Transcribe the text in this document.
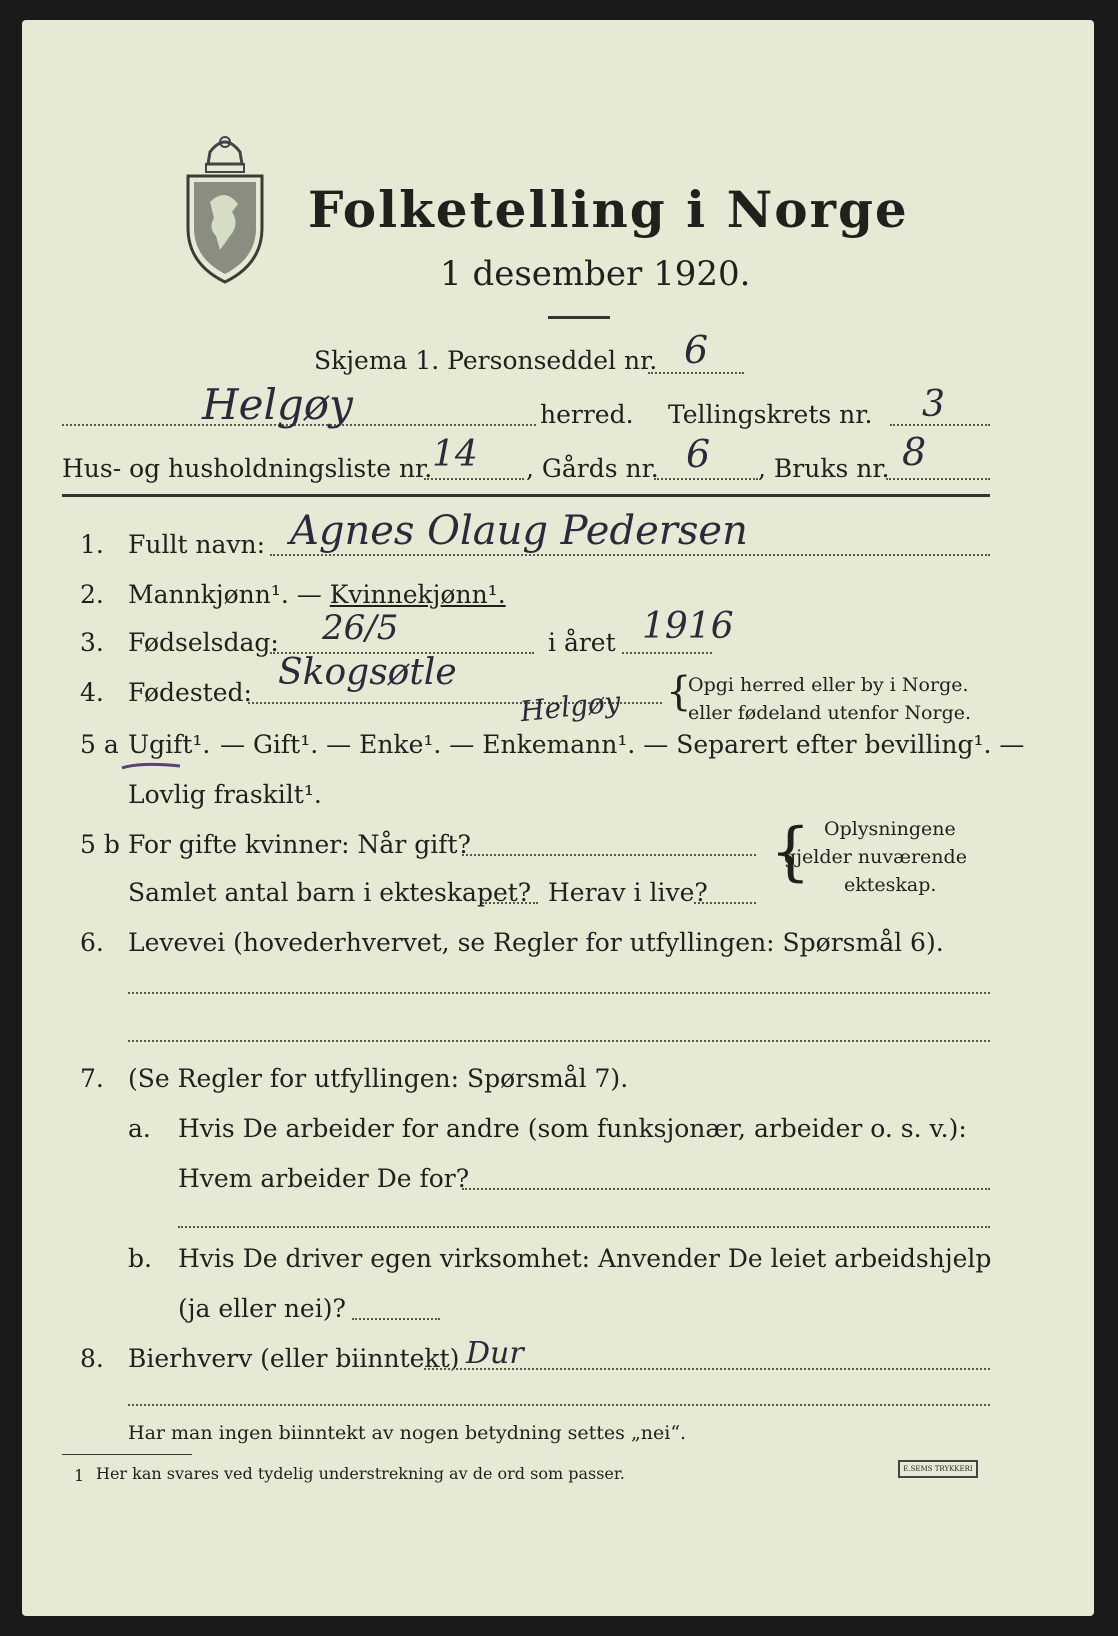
Folketelling i Norge
1 desember 1920.
Skjema 1. Personseddel nr. 6
Helgøy	herred. Tellingskrets nr. 3
Hus- og husholdningsliste nr. 14 , Gårds nr. 6 , Bruks nr. 8
1. Fullt navn: Agnes Olaug Pedersen
2. Mannkjønn¹. — Kvinnekjønn¹.
3. Fødselsdag: 26/5	i året 1916
4. Fødested: Skogsøtle
Helgøy {
Opgi herred eller by i Norge.
eller fødeland utenfor Norge.
5 a Ugift¹. — Gift¹. — Enke¹. — Enkemann¹. — Separert efter bevilling¹. —
Lovlig fraskilt¹.
5 b For gifte kvinner: Når gift?
Samlet antal barn i ekteskapet? Herav i live?
{ Oplysningene
gjelder nuværende
ekteskap.
6. Levevei (hovederhvervet, se Regler for utfyllingen: Spørsmål 6).
7. (Se Regler for utfyllingen: Spørsmål 7).
a. Hvis De arbeider for andre (som funksjonær, arbeider o. s. v.):
Hvem arbeider De for?
b. Hvis De driver egen virksomhet: Anvender De leiet arbeidshjelp
(ja eller nei)?
8. Bierhverv (eller biinntekt) Dur
Har man ingen biinntekt av nogen betydning settes „nei“.
1 Her kan svares ved tydelig understrekning av de ord som passer.	E.SEMS TRYKKERI
